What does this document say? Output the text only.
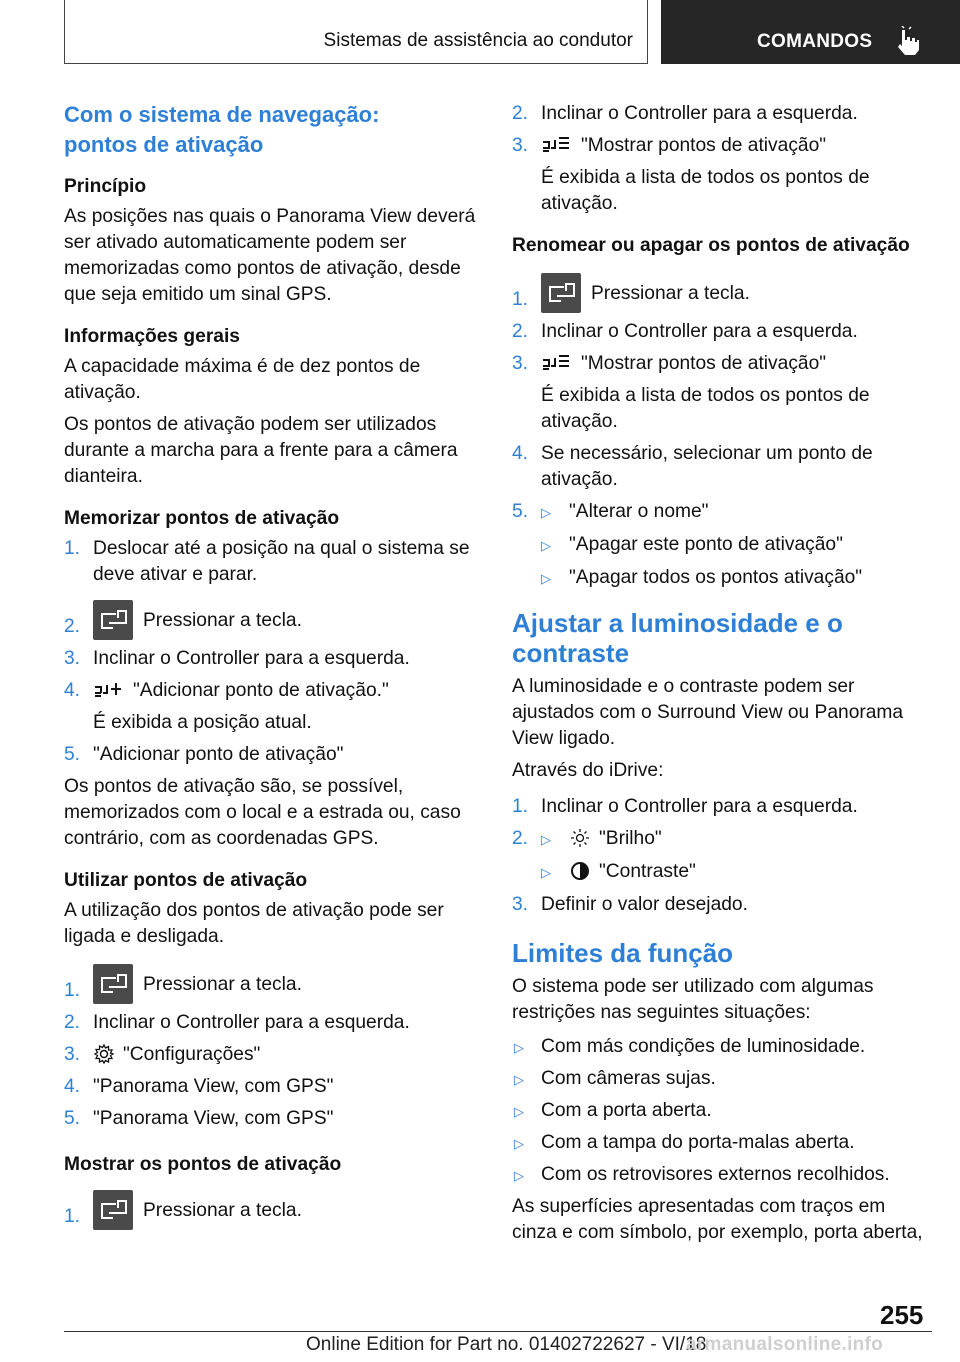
Sistemas de assistência ao condutor	COMANDOS
Com o sistema de navegação:
pontos de ativação
Princípio

As posições nas quais o Panorama View deverá ser ativado automaticamente podem ser memorizadas como pontos de ativação, desde que seja emitido um sinal GPS.

Informações gerais

A capacidade máxima é de dez pontos de ativação.

Os pontos de ativação podem ser utilizados durante a marcha para a frente para a câmera dianteira.

Memorizar pontos de ativação
1. Deslocar até a posição na qual o sistema se deve ativar e parar.
2.	Pressionar a tecla.
3. Inclinar o Controller para a esquerda.
4.	"Adicionar ponto de ativação."
É exibida a posição atual.
5. "Adicionar ponto de ativação"

Os pontos de ativação são, se possível, memorizados com o local e a estrada ou, caso contrário, com as coordenadas GPS.

Utilizar pontos de ativação

A utilização dos pontos de ativação pode ser ligada e desligada.

1.	Pressionar a tecla.
2. Inclinar o Controller para a esquerda.
3. "Configurações"
4. "Panorama View, com GPS"
5. "Panorama View, com GPS"
Mostrar os pontos de ativação
1.	Pressionar a tecla.
2. Inclinar o Controller para a esquerda.
3.	"Mostrar pontos de ativação"
É exibida a lista de todos os pontos de ativação.
Renomear ou apagar os pontos de ativação
1.	Pressionar a tecla.
2. Inclinar o Controller para a esquerda.
3.	"Mostrar pontos de ativação"
É exibida a lista de todos os pontos de ativação.
4. Se necessário, selecionar um ponto de ativação.
5. ▷ "Alterar o nome"
▷ "Apagar este ponto de ativação"
▷ "Apagar todos os pontos ativação"
Ajustar a luminosidade e o contraste

A luminosidade e o contraste podem ser ajustados com o Surround View ou Panorama View ligado.

Através do iDrive:

1. Inclinar o Controller para a esquerda.
2. ▷	"Brilho"
▷	"Contraste"
3. Definir o valor desejado.
Limites da função

O sistema pode ser utilizado com algumas restrições nas seguintes situações:

▷ Com más condições de luminosidade.
▷ Com câmeras sujas.
▷ Com a porta aberta.
▷ Com a tampa do porta-malas aberta.
▷ Com os retrovisores externos recolhidos.

As superfícies apresentadas com traços em cinza e com símbolo, por exemplo, porta aberta,

255
Online Edition for Part no. 01402722627 - VI/18
armanualsonline.info
